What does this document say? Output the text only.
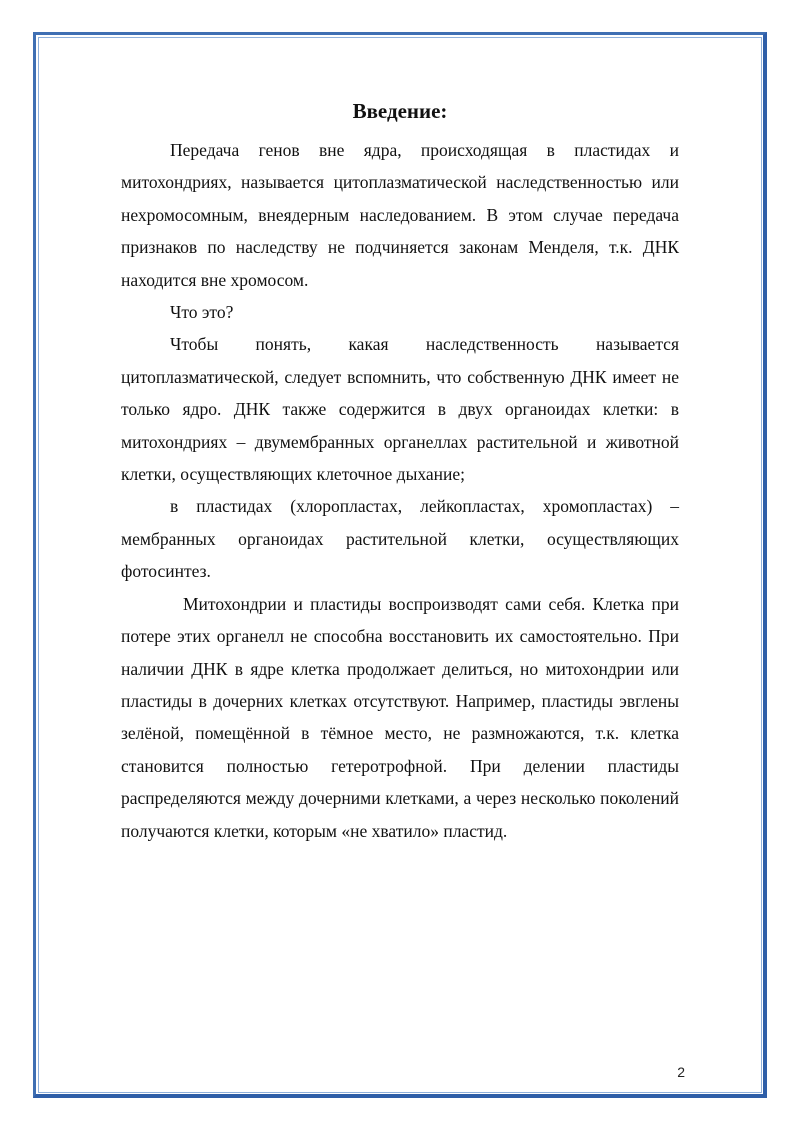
Введение:

Передача генов вне ядра, происходящая в пластидах и митохондриях, называется цитоплазматической наследственностью или нехромосомным, внеядерным наследованием. В этом случае передача признаков по наследству не подчиняется законам Менделя, т.к. ДНК находится вне хромосом.

Что это?

Чтобы понять, какая наследственность называется цитоплазматической, следует вспомнить, что собственную ДНК имеет не только ядро. ДНК также содержится в двух органоидах клетки: в митохондриях – двумембранных органеллах растительной и животной клетки, осуществляющих клеточное дыхание;

в пластидах (хлоропластах, лейкопластах, хромопластах) – мембранных органоидах растительной клетки, осуществляющих фотосинтез.

Митохондрии и пластиды воспроизводят сами себя. Клетка при потере этих органелл не способна восстановить их самостоятельно. При наличии ДНК в ядре клетка продолжает делиться, но митохондрии или пластиды в дочерних клетках отсутствуют. Например, пластиды эвглены зелёной, помещённой в тёмное место, не размножаются, т.к. клетка становится полностью гетеротрофной. При делении пластиды распределяются между дочерними клетками, а через несколько поколений получаются клетки, которым «не хватило» пластид.

2
